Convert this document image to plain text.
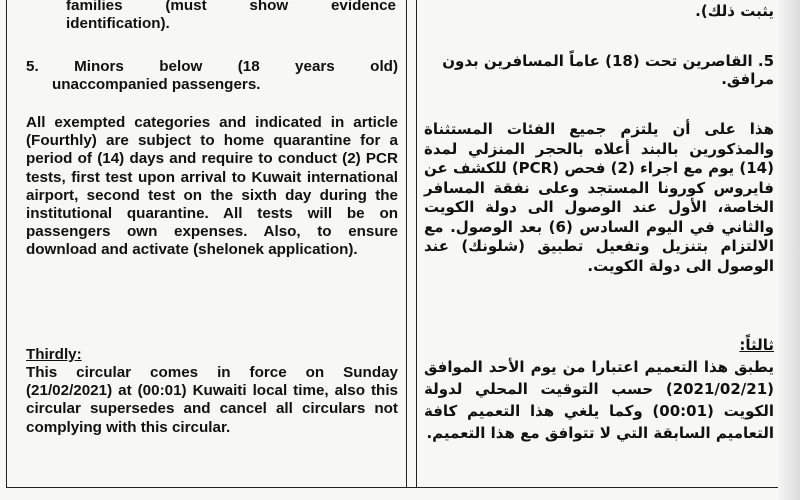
families (must show evidence
identification).
5. Minors below (18 years old)
unaccompanied passengers.

All exempted categories and indicated in article (Fourthly) are subject to home quarantine for a period of (14) days and require to conduct (2) PCR tests, first test upon arrival to Kuwait international airport, second test on the sixth day during the institutional quarantine. All tests will be on passengers own expenses. Also, to ensure download and activate (shelonek application).

Thirdly:

This circular comes in force on Sunday (21/02/2021) at (00:01) Kuwaiti local time, also this circular supersedes and cancel all circulars not complying with this circular.

يثبت ذلك).
5. القاصرين تحت (18) عاماً المسافرين بدون مرافق.

هذا على أن يلتزم جميع الفئات المستثناة والمذكورين بالبند أعلاه بالحجر المنزلي لمدة (14) يوم مع اجراء (2) فحص (PCR) للكشف عن فايروس كورونا المستجد وعلى نفقة المسافر الخاصة، الأول عند الوصول الى دولة الكويت والثاني في اليوم السادس (6) بعد الوصول. مع الالتزام بتنزيل وتفعيل تطبيق (شلونك) عند الوصول الى دولة الكويت.

ثالثاً:

يطبق هذا التعميم اعتبارا من يوم الأحد الموافق (2021/02/21) حسب التوقيت المحلي لدولة الكويت (00:01) وكما يلغي هذا التعميم كافة التعاميم السابقة التي لا تتوافق مع هذا التعميم.
